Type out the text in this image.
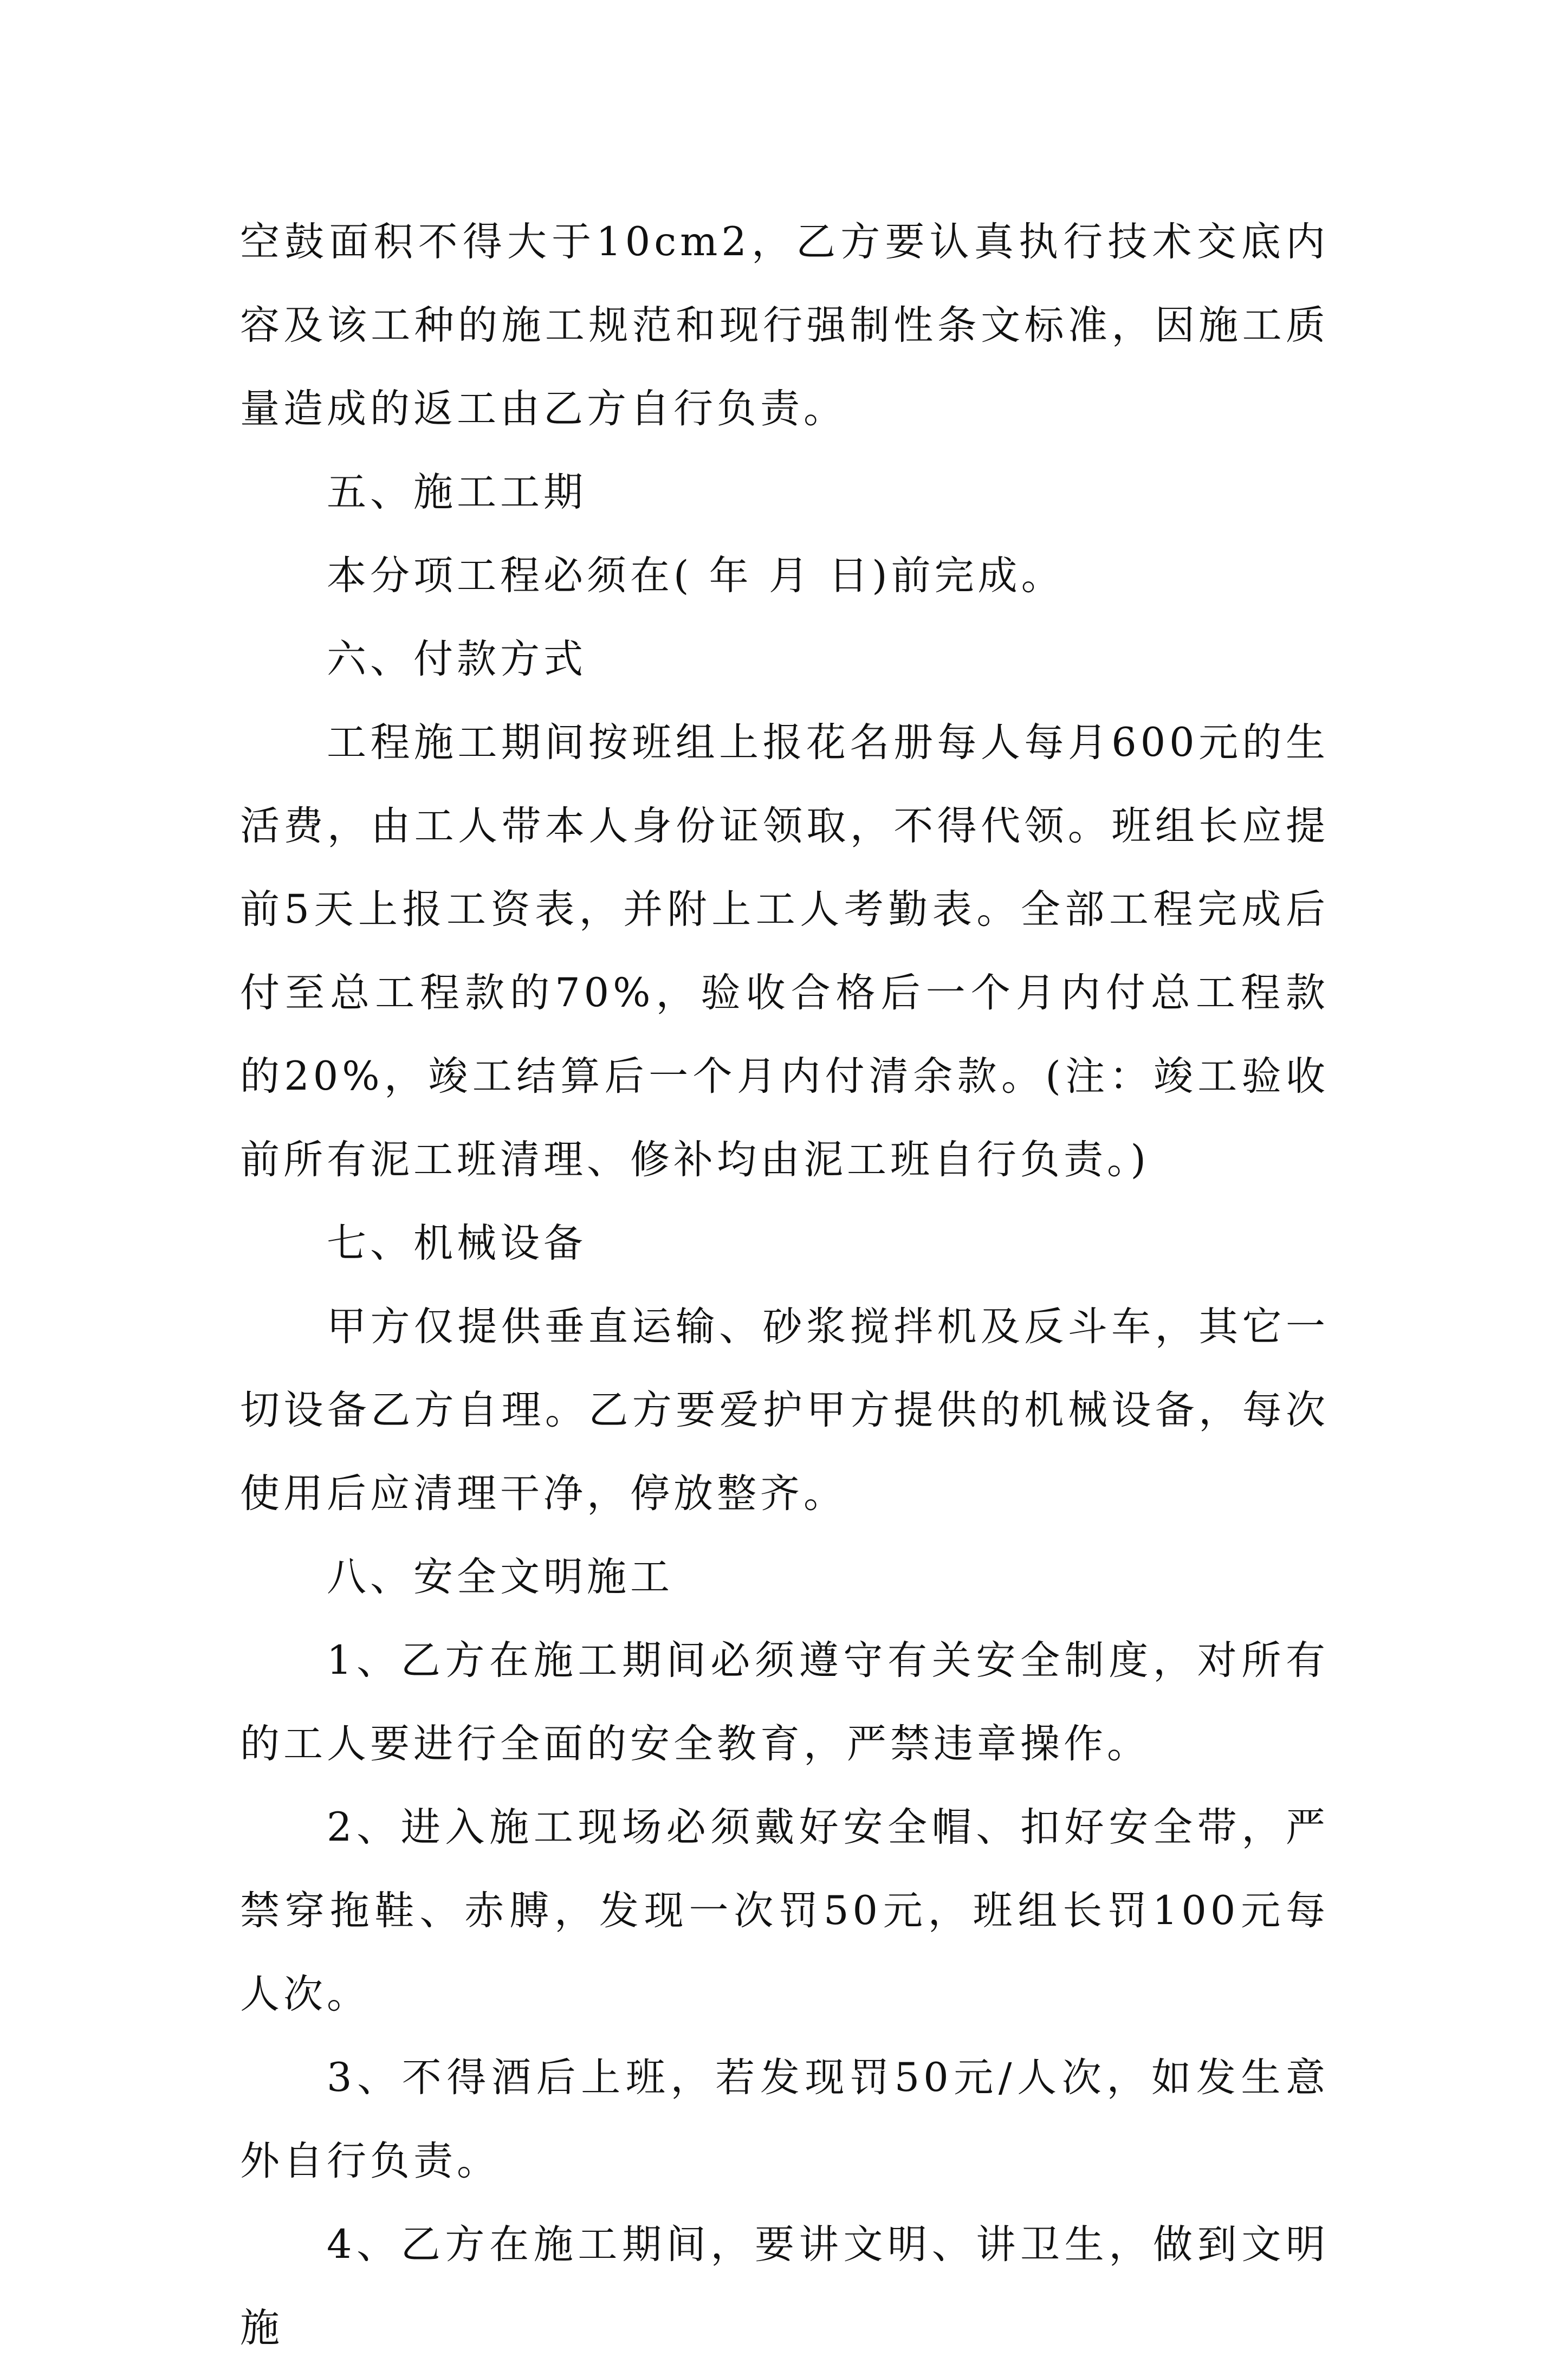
空鼓面积不得大于10cm2，乙方要认真执行技术交底内容及该工种的施工规范和现行强制性条文标准，因施工质量造成的返工由乙方自行负责。

五、施工工期

本分项工程必须在( 年 月 日)前完成。

六、付款方式

工程施工期间按班组上报花名册每人每月600元的生活费，由工人带本人身份证领取，不得代领。班组长应提前5天上报工资表，并附上工人考勤表。全部工程完成后付至总工程款的70%，验收合格后一个月内付总工程款的20%，竣工结算后一个月内付清余款。(注：竣工验收前所有泥工班清理、修补均由泥工班自行负责。)

七、机械设备

甲方仅提供垂直运输、砂浆搅拌机及反斗车，其它一切设备乙方自理。乙方要爱护甲方提供的机械设备，每次使用后应清理干净，停放整齐。

八、安全文明施工

1、乙方在施工期间必须遵守有关安全制度，对所有的工人要进行全面的安全教育，严禁违章操作。

2、进入施工现场必须戴好安全帽、扣好安全带，严禁穿拖鞋、赤膊，发现一次罚50元，班组长罚100元每人次。

3、不得酒后上班，若发现罚50元/人次，如发生意外自行负责。

4、乙方在施工期间，要讲文明、讲卫生，做到文明施
